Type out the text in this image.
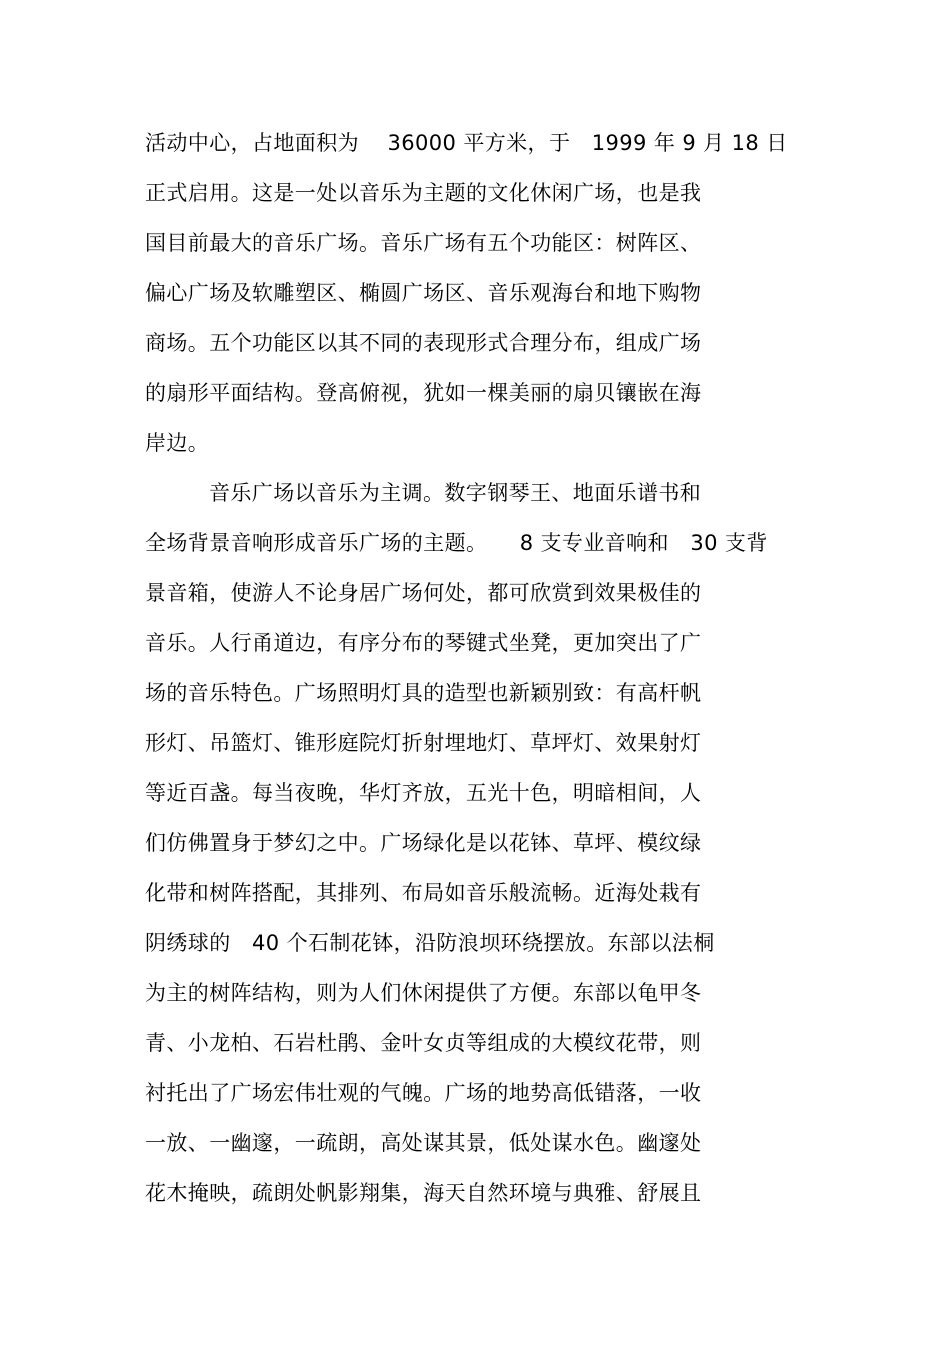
活动中心，占地面积为　 36000 平方米，于　1999 年 9 月 18 日
正式启用。这是一处以音乐为主题的文化休闲广场，也是我
国目前最大的音乐广场。音乐广场有五个功能区：树阵区、
偏心广场及软雕塑区、椭圆广场区、音乐观海台和地下购物
商场。五个功能区以其不同的表现形式合理分布，组成广场
的扇形平面结构。登高俯视，犹如一棵美丽的扇贝镶嵌在海
岸边。
音乐广场以音乐为主调。数字钢琴王、地面乐谱书和
全场背景音响形成音乐广场的主题。　　8 支专业音响和　30 支背
景音箱，使游人不论身居广场何处，都可欣赏到效果极佳的
音乐。人行甬道边，有序分布的琴键式坐凳，更加突出了广
场的音乐特色。广场照明灯具的造型也新颖别致：有高杆帆
形灯、吊篮灯、锥形庭院灯折射埋地灯、草坪灯、效果射灯
等近百盏。每当夜晚，华灯齐放，五光十色，明暗相间，人
们仿佛置身于梦幻之中。广场绿化是以花钵、草坪、模纹绿
化带和树阵搭配，其排列、布局如音乐般流畅。近海处栽有
阴绣球的　40 个石制花钵，沿防浪坝环绕摆放。东部以法桐
为主的树阵结构，则为人们休闲提供了方便。东部以龟甲冬
青、小龙柏、石岩杜鹃、金叶女贞等组成的大模纹花带，则
衬托出了广场宏伟壮观的气魄。广场的地势高低错落，一收
一放、一幽邃，一疏朗，高处谋其景，低处谋水色。幽邃处
花木掩映，疏朗处帆影翔集，海天自然环境与典雅、舒展且
